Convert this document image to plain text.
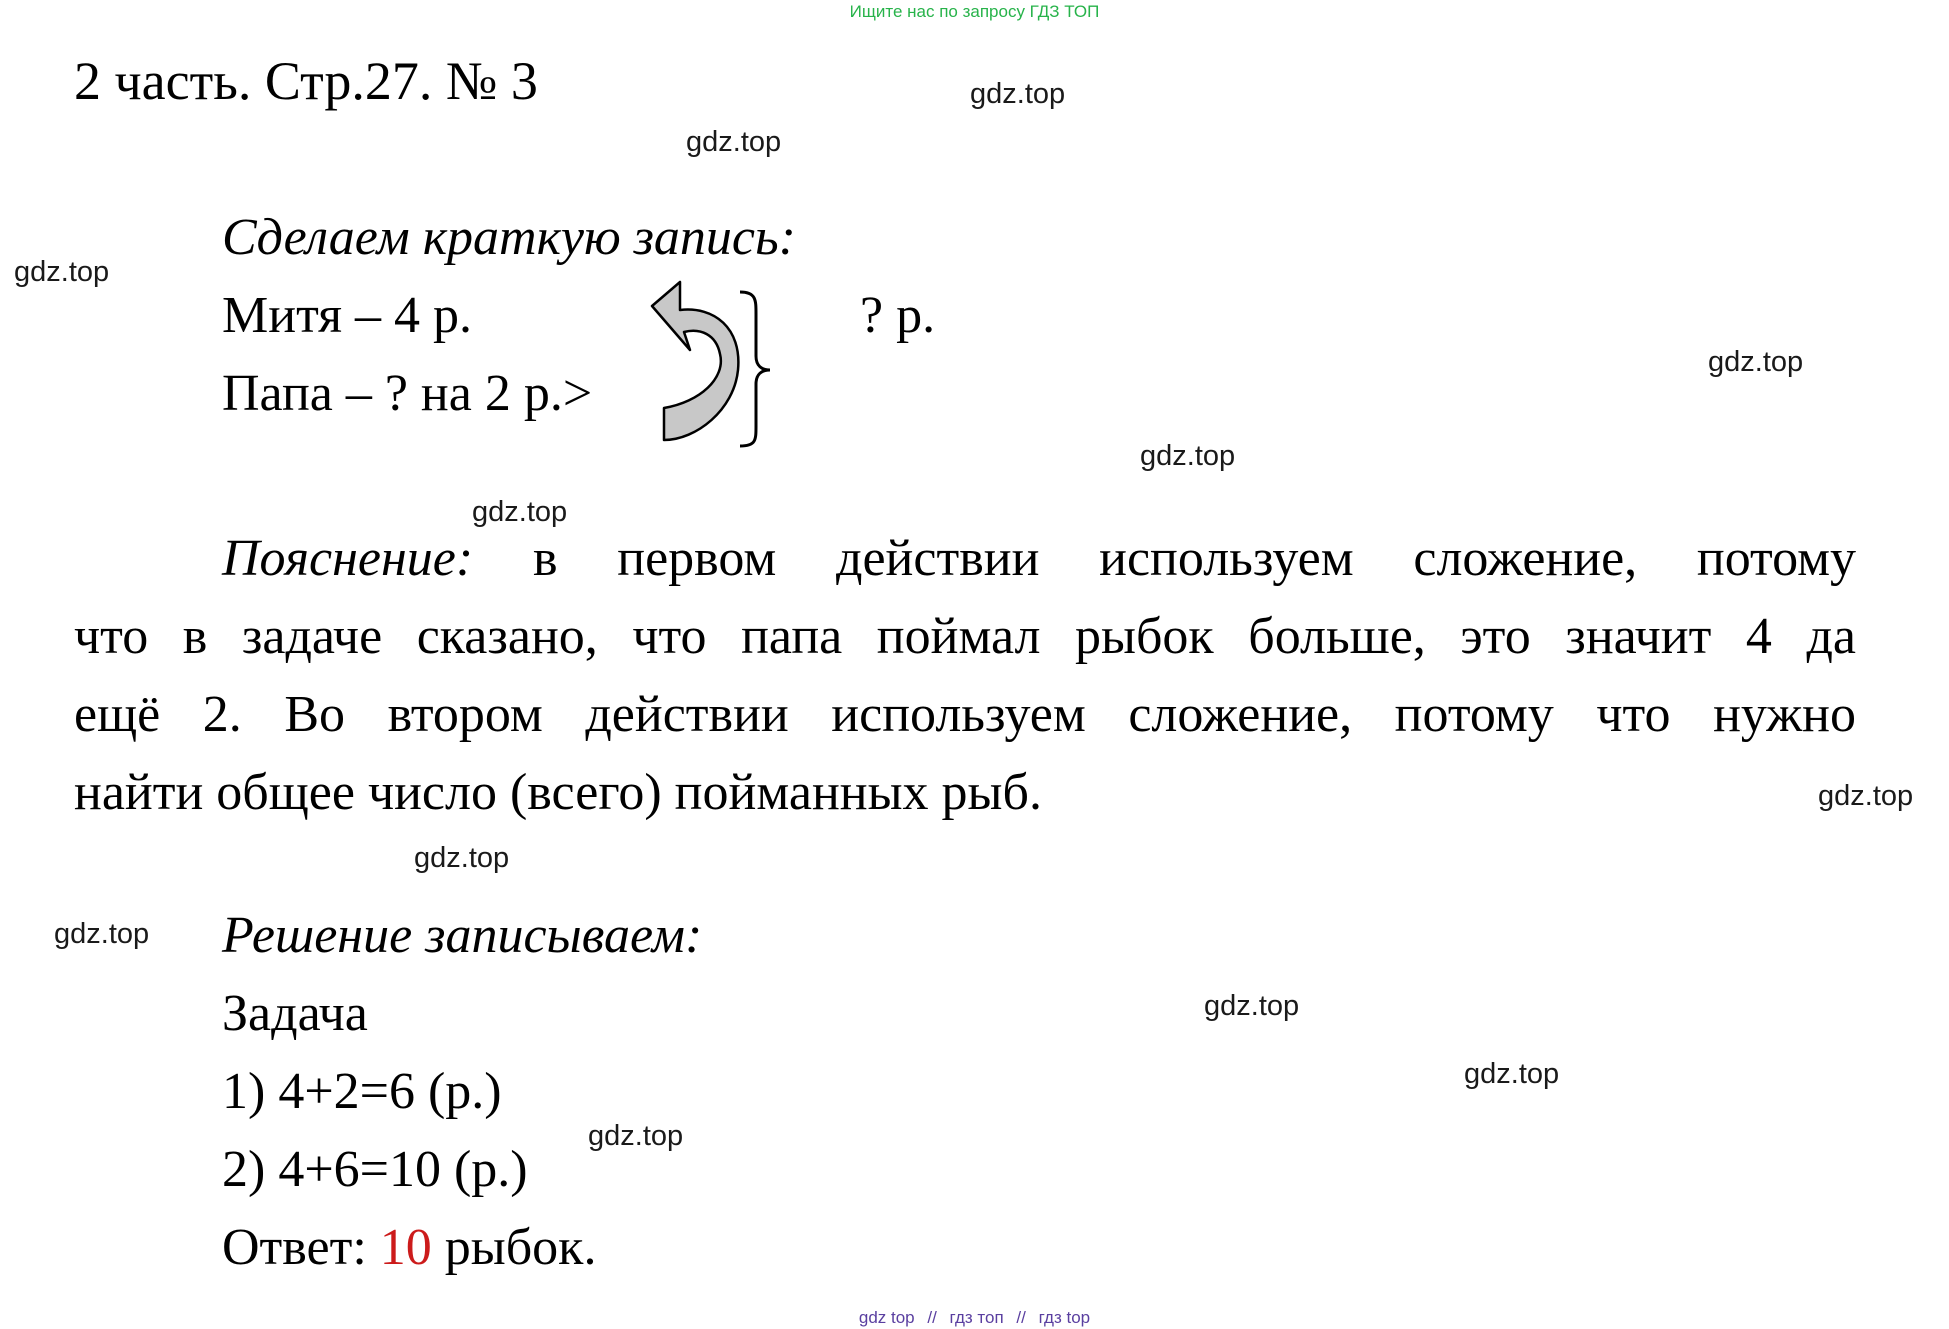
Ищите нас по запросу ГДЗ ТОП
2 часть. Стр.27. № 3	gdz.top
gdz.top
gdz.top
gdz.top
gdz.top
gdz.top
gdz.top
gdz.top
gdz.top
gdz.top
gdz.top
gdz.top
Сделаем краткую запись:
Митя – 4 р.
Папа – ? на 2 р.>
? р.
Пояснение: в первом действии используем сложение, потому
что в задаче сказано, что папа поймал рыбок больше, это значит 4 да
ещё 2. Во втором действии используем сложение, потому что нужно
найти общее число (всего) пойманных рыб.
Решение записываем:
Задача
1) 4+2=6 (р.)
2) 4+6=10 (р.)
Ответ: 10 рыбок.
gdz top // гдз топ // гдз top
